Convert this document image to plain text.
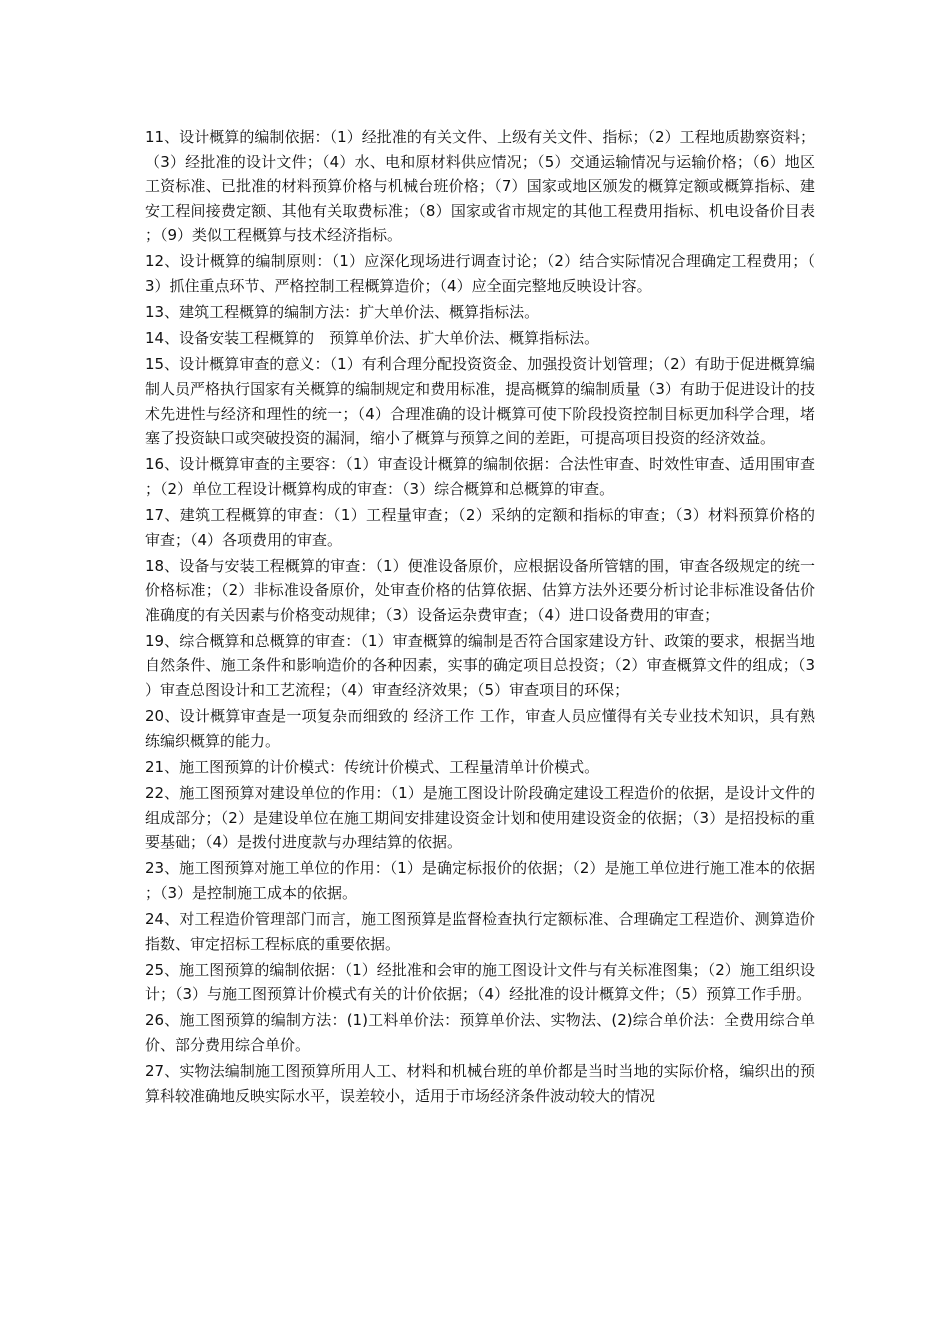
11、设计概算的编制依据：（1）经批准的有关文件、上级有关文件、指标；（2）工程地质勘察资料；（3）经批准的设计文件；（4）水、电和原材料供应情况；（5）交通运输情况与运输价格；（6）地区工资标准、已批准的材料预算价格与机械台班价格；（7）国家或地区颁发的概算定额或概算指标、建安工程间接费定额、其他有关取费标准；（8）国家或省市规定的其他工程费用指标、机电设备价目表；（9）类似工程概算与技术经济指标。

12、设计概算的编制原则：（1）应深化现场进行调查讨论；（2）结合实际情况合理确定工程费用；（3）抓住重点环节、严格控制工程概算造价；（4）应全面完整地反映设计容。

13、建筑工程概算的编制方法：扩大单价法、概算指标法。

14、设备安装工程概算的　预算单价法、扩大单价法、概算指标法。

15、设计概算审查的意义：（1）有利合理分配投资资金、加强投资计划管理；（2）有助于促进概算编制人员严格执行国家有关概算的编制规定和费用标准，提高概算的编制质量（3）有助于促进设计的技术先进性与经济和理性的统一；（4）合理准确的设计概算可使下阶段投资控制目标更加科学合理，堵塞了投资缺口或突破投资的漏洞，缩小了概算与预算之间的差距，可提高项目投资的经济效益。

16、设计概算审查的主要容：（1）审查设计概算的编制依据：合法性审查、时效性审查、适用围审查；（2）单位工程设计概算构成的审查：（3）综合概算和总概算的审查。

17、建筑工程概算的审查：（1）工程量审查；（2）采纳的定额和指标的审查；（3）材料预算价格的审查；（4）各项费用的审查。

18、设备与安装工程概算的审查：（1）便准设备原价，应根据设备所管辖的围，审查各级规定的统一价格标准；（2）非标准设备原价，处审查价格的估算依据、估算方法外还要分析讨论非标准设备估价准确度的有关因素与价格变动规律；（3）设备运杂费审查；（4）进口设备费用的审查；

19、综合概算和总概算的审查：（1）审查概算的编制是否符合国家建设方针、政策的要求，根据当地自然条件、施工条件和影响造价的各种因素，实事的确定项目总投资；（2）审查概算文件的组成；（3）审查总图设计和工艺流程；（4）审查经济效果；（5）审查项目的环保；

20、设计概算审查是一项复杂而细致的 经济工作 工作，审查人员应懂得有关专业技术知识，具有熟练编织概算的能力。

21、施工图预算的计价模式：传统计价模式、工程量清单计价模式。

22、施工图预算对建设单位的作用：（1）是施工图设计阶段确定建设工程造价的依据，是设计文件的组成部分；（2）是建设单位在施工期间安排建设资金计划和使用建设资金的依据；（3）是招投标的重要基础；（4）是拨付进度款与办理结算的依据。

23、施工图预算对施工单位的作用：（1）是确定标报价的依据；（2）是施工单位进行施工准本的依据；（3）是控制施工成本的依据。

24、对工程造价管理部门而言，施工图预算是监督检查执行定额标准、合理确定工程造价、测算造价指数、审定招标工程标底的重要依据。

25、施工图预算的编制依据：（1）经批准和会审的施工图设计文件与有关标准图集；（2）施工组织设计；（3）与施工图预算计价模式有关的计价依据；（4）经批准的设计概算文件；（5）预算工作手册。

26、施工图预算的编制方法：(1)工料单价法：预算单价法、实物法、(2)综合单价法：全费用综合单价、部分费用综合单价。

27、实物法编制施工图预算所用人工、材料和机械台班的单价都是当时当地的实际价格，编织出的预算科较准确地反映实际水平，误差较小，适用于市场经济条件波动较大的情况
